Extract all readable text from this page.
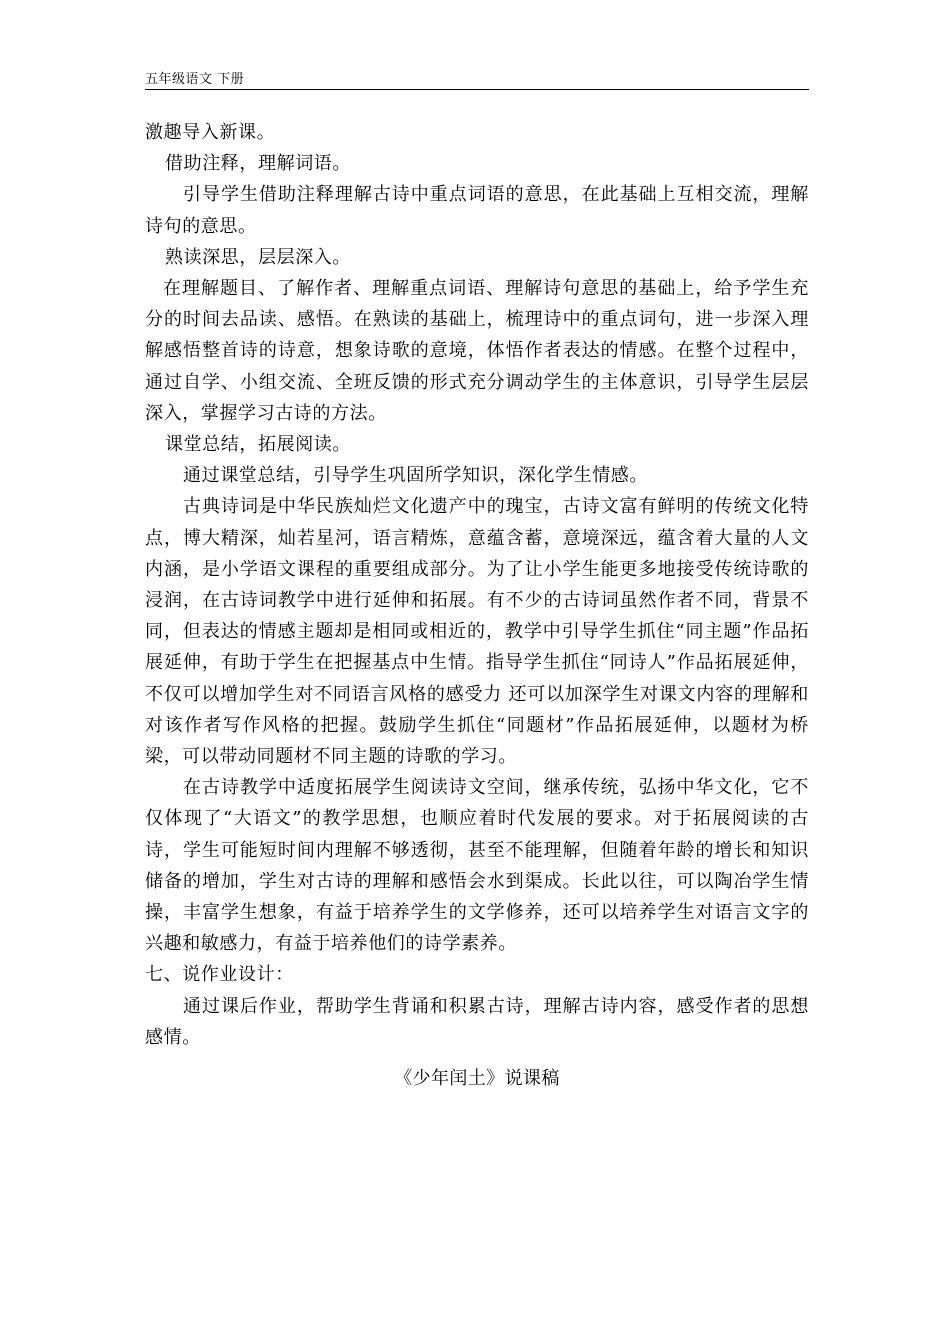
五年级语文 下册

激趣导入新课。

借助注释，理解词语。

引导学生借助注释理解古诗中重点词语的意思，在此基础上互相交流，理解诗句的意思。

熟读深思，层层深入。

在理解题目、了解作者、理解重点词语、理解诗句意思的基础上，给予学生充分的时间去品读、感悟。在熟读的基础上，梳理诗中的重点词句，进一步深入理解感悟整首诗的诗意，想象诗歌的意境，体悟作者表达的情感。在整个过程中，通过自学、小组交流、全班反馈的形式充分调动学生的主体意识，引导学生层层深入，掌握学习古诗的方法。

课堂总结，拓展阅读。

通过课堂总结，引导学生巩固所学知识，深化学生情感。

古典诗词是中华民族灿烂文化遗产中的瑰宝，古诗文富有鲜明的传统文化特点，博大精深，灿若星河，语言精炼，意蕴含蓄，意境深远，蕴含着大量的人文内涵，是小学语文课程的重要组成部分。为了让小学生能更多地接受传统诗歌的浸润，在古诗词教学中进行延伸和拓展。有不少的古诗词虽然作者不同，背景不同，但表达的情感主题却是相同或相近的，教学中引导学生抓住“同主题”作品拓展延伸，有助于学生在把握基点中生情。指导学生抓住“同诗人”作品拓展延伸，不仅可以增加学生对不同语言风格的感受力 还可以加深学生对课文内容的理解和对该作者写作风格的把握。鼓励学生抓住“同题材”作品拓展延伸，以题材为桥梁，可以带动同题材不同主题的诗歌的学习。

在古诗教学中适度拓展学生阅读诗文空间，继承传统，弘扬中华文化，它不仅体现了“大语文”的教学思想，也顺应着时代发展的要求。对于拓展阅读的古诗，学生可能短时间内理解不够透彻，甚至不能理解，但随着年龄的增长和知识储备的增加，学生对古诗的理解和感悟会水到渠成。长此以往，可以陶冶学生情操，丰富学生想象，有益于培养学生的文学修养，还可以培养学生对语言文字的兴趣和敏感力，有益于培养他们的诗学素养。

七、说作业设计：

通过课后作业，帮助学生背诵和积累古诗，理解古诗内容，感受作者的思想感情。

《少年闰土》说课稿
